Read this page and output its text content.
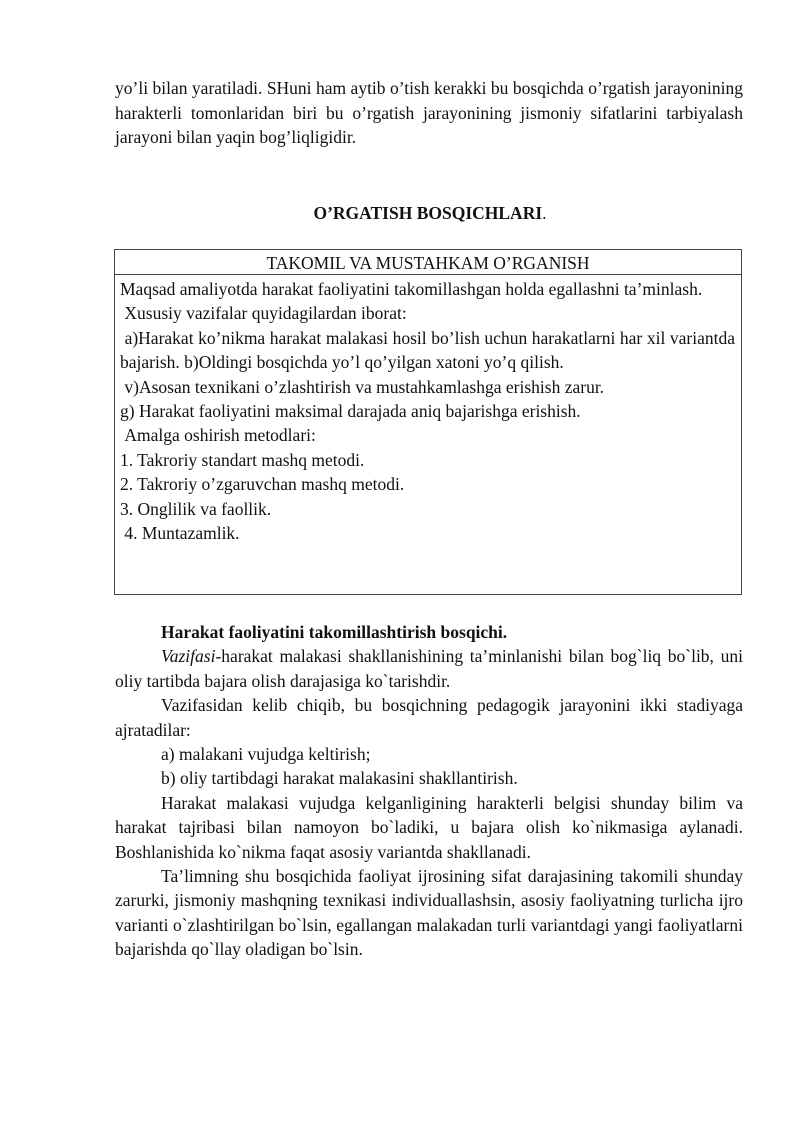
yo’li bilan yaratiladi. SHuni ham aytib o’tish kerakki bu bosqichda o’rgatish jarayonining harakterli tomonlaridan biri bu o’rgatish jarayonining jismoniy sifatlarini tarbiyalash jarayoni bilan yaqin bog’liqligidir.
O’RGATISH BOSQICHLARI.
TAKOMIL VA MUSTAHKAM O’RGANISH
Maqsad amaliyotda harakat faoliyatini takomillashgan holda egallashni ta’minlash.
Xususiy vazifalar quyidagilardan iborat:
a)Harakat ko’nikma harakat malakasi hosil bo’lish uchun harakatlarni har xil variantda bajarish. b)Oldingi bosqichda yo’l qo’yilgan xatoni yo’q qilish.
v)Asosan texnikani o’zlashtirish va mustahkamlashga erishish zarur.
g) Harakat faoliyatini maksimal darajada aniq bajarishga erishish.
Amalga oshirish metodlari:
1. Takroriy standart mashq metodi.
2. Takroriy o’zgaruvchan mashq metodi.
3. Onglilik va faollik.
4. Muntazamlik.
Harakat faoliyatini takomillashtirish bosqichi.
Vazifasi-harakat malakasi shakllanishining ta’minlanishi bilan bog`liq bo`lib, uni oliy tartibda bajara olish darajasiga ko`tarishdir.
Vazifasidan kelib chiqib, bu bosqichning pedagogik jarayonini ikki stadiyaga ajratadilar:
a) malakani vujudga keltirish;
b) oliy tartibdagi harakat malakasini shakllantirish.
Harakat malakasi vujudga kelganligining harakterli belgisi shunday bilim va harakat tajribasi bilan namoyon bo`ladiki, u bajara olish ko`nikmasiga aylanadi. Boshlanishida ko`nikma faqat asosiy variantda shakllanadi.
Ta’limning shu bosqichida faoliyat ijrosining sifat darajasining takomili shunday zarurki, jismoniy mashqning texnikasi individuallashsin, asosiy faoliyatning turlicha ijro varianti o`zlashtirilgan bo`lsin, egallangan malakadan turli variantdagi yangi faoliyatlarni bajarishda qo`llay oladigan bo`lsin.
